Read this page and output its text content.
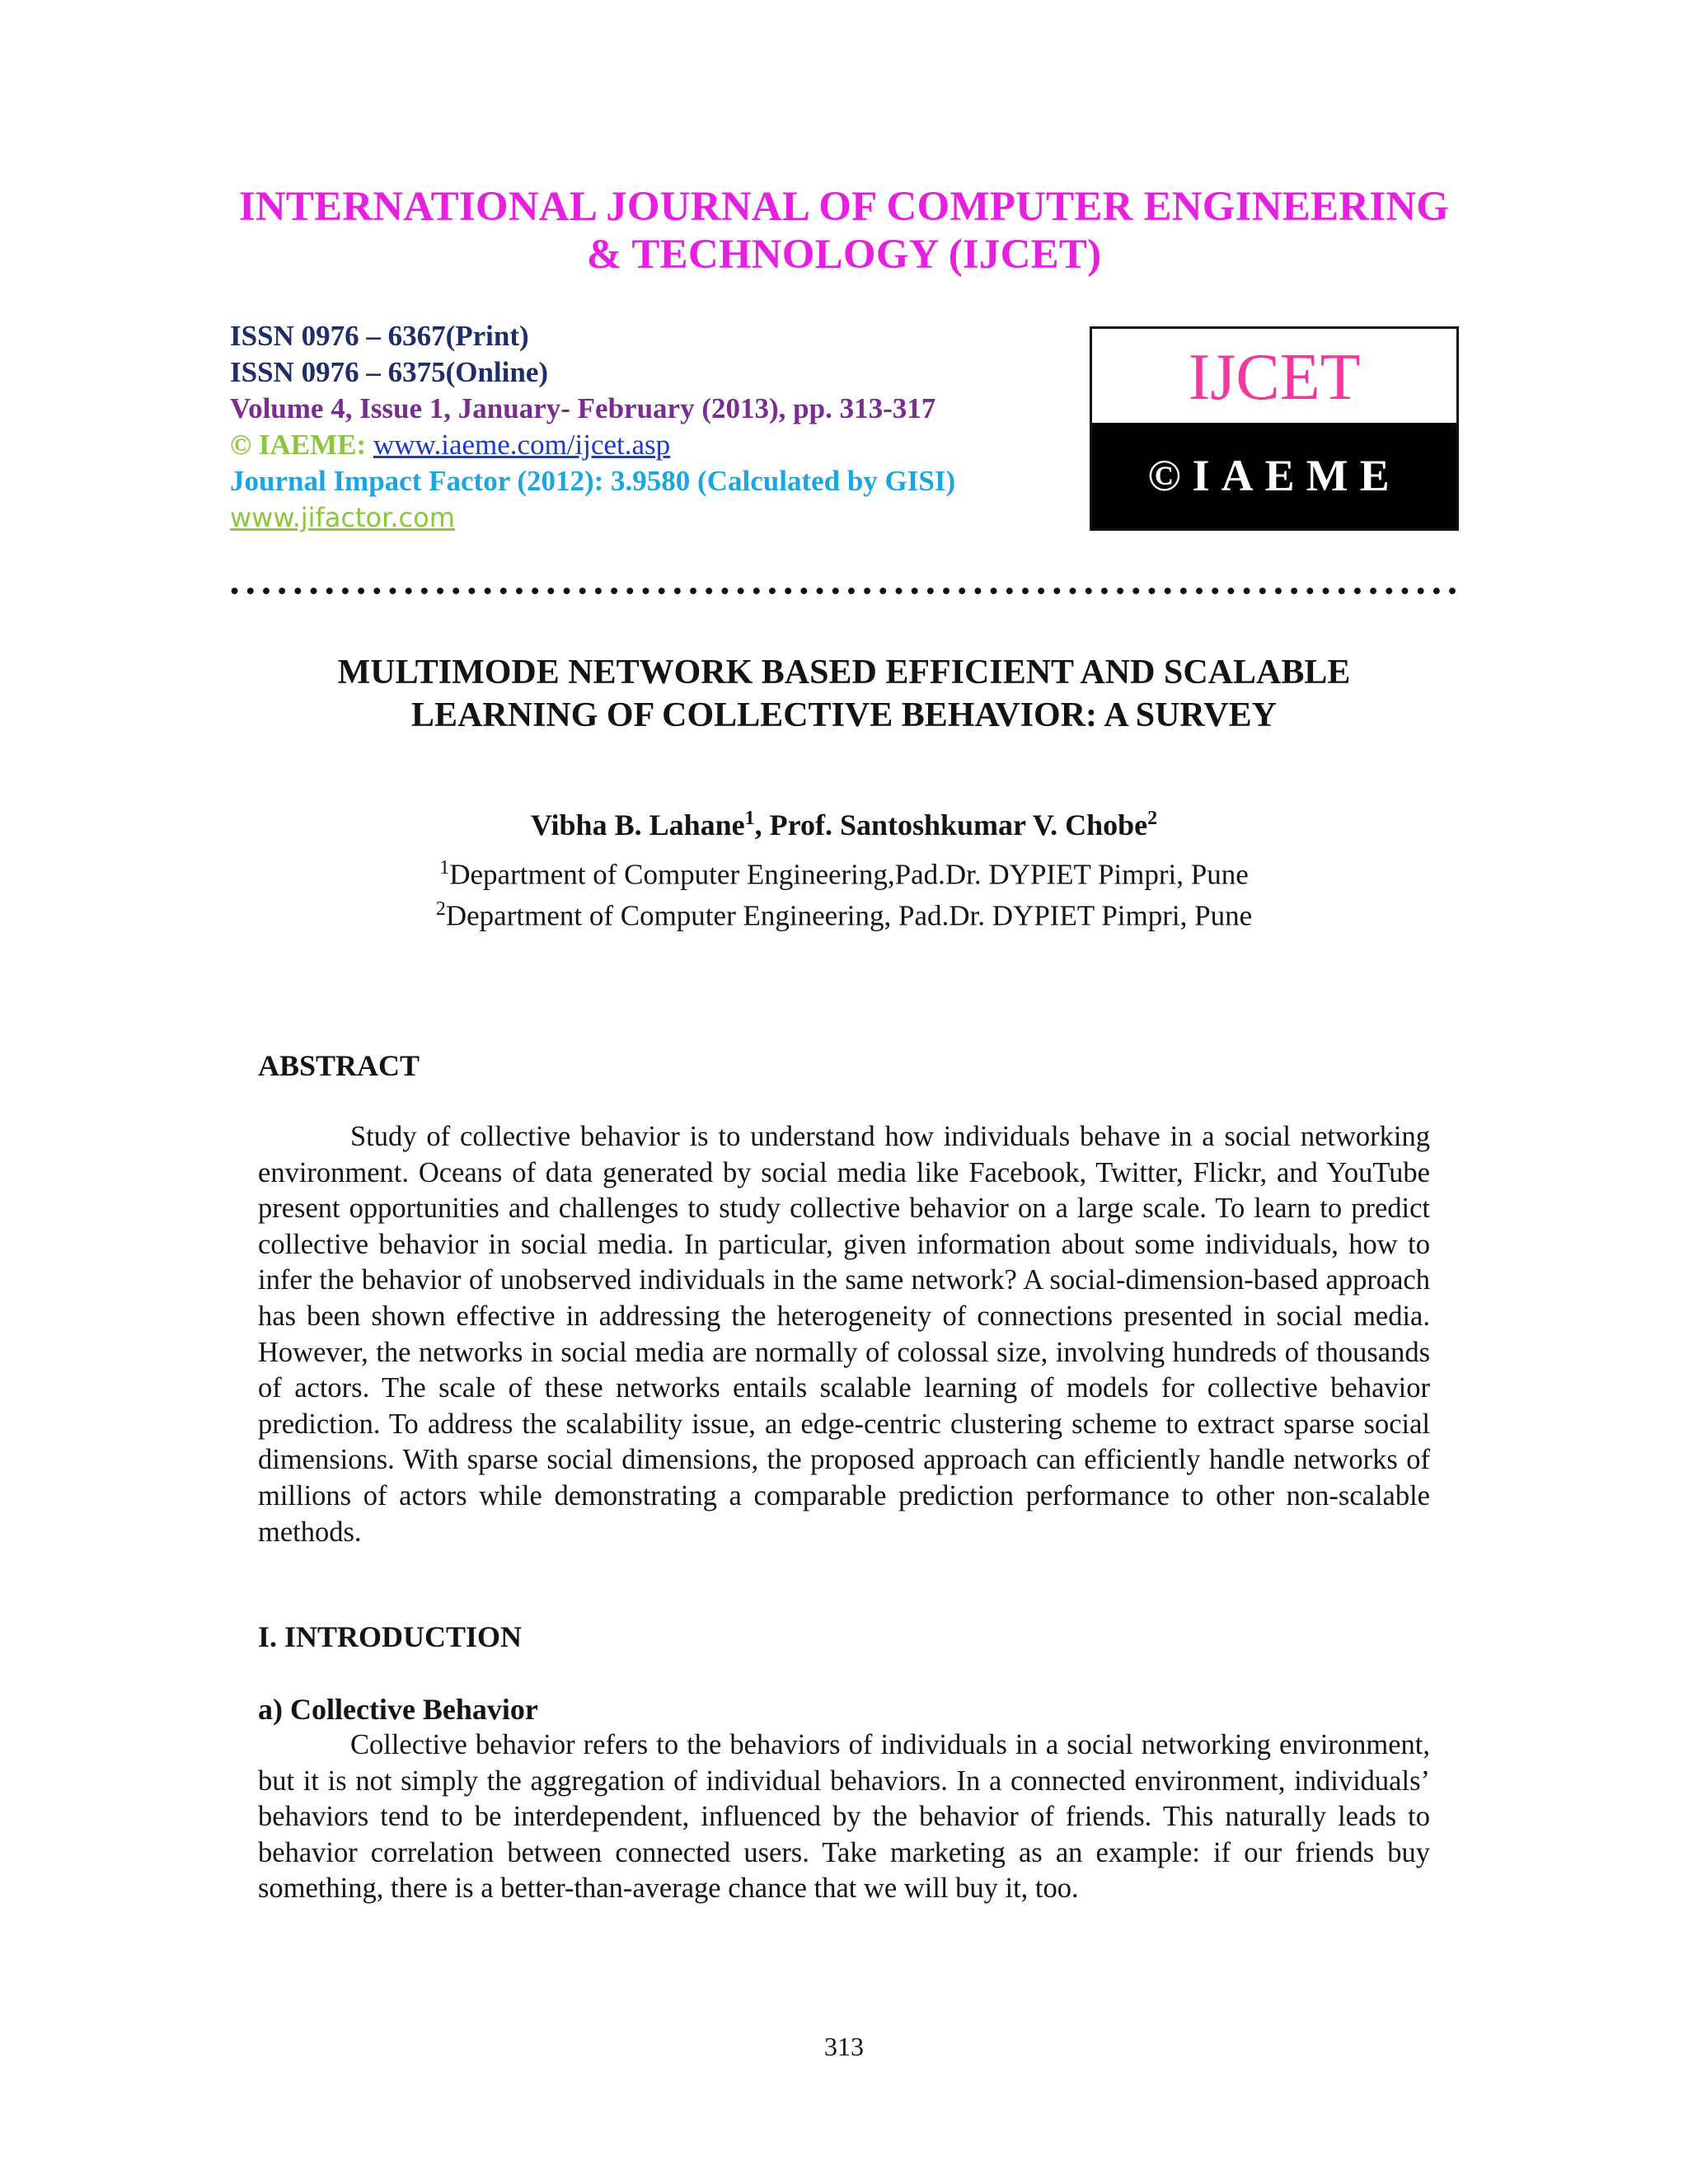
INTERNATIONAL JOURNAL OF COMPUTER ENGINEERING
& TECHNOLOGY (IJCET)
ISSN 0976 – 6367(Print)
ISSN 0976 – 6375(Online)
Volume 4, Issue 1, January- February (2013), pp. 313-317
© IAEME: www.iaeme.com/ijcet.asp
Journal Impact Factor (2012): 3.9580 (Calculated by GISI)
www.jifactor.com
IJCET
©IAEME
MULTIMODE NETWORK BASED EFFICIENT AND SCALABLE
LEARNING OF COLLECTIVE BEHAVIOR: A SURVEY
Vibha B. Lahane$^1$, Prof. Santoshkumar V. Chobe$^2$
$^1$Department of Computer Engineering,Pad.Dr. DYPIET Pimpri, Pune
$^2$Department of Computer Engineering, Pad.Dr. DYPIET Pimpri, Pune
ABSTRACT

Study of collective behavior is to understand how individuals behave in a social networking environment. Oceans of data generated by social media like Facebook, Twitter, Flickr, and YouTube present opportunities and challenges to study collective behavior on a large scale. To learn to predict collective behavior in social media. In particular, given information about some individuals, how to infer the behavior of unobserved individuals in the same network? A social-dimension-based approach has been shown effective in addressing the heterogeneity of connections presented in social media. However, the networks in social media are normally of colossal size, involving hundreds of thousands of actors. The scale of these networks entails scalable learning of models for collective behavior prediction. To address the scalability issue, an edge-centric clustering scheme to extract sparse social dimensions. With sparse social dimensions, the proposed approach can efficiently handle networks of millions of actors while demonstrating a comparable prediction performance to other non-scalable methods.

I. INTRODUCTION
a) Collective Behavior

Collective behavior refers to the behaviors of individuals in a social networking environment, but it is not simply the aggregation of individual behaviors. In a connected environment, individuals’ behaviors tend to be interdependent, influenced by the behavior of friends. This naturally leads to behavior correlation between connected users. Take marketing as an example: if our friends buy something, there is a better-than-average chance that we will buy it, too.

313
